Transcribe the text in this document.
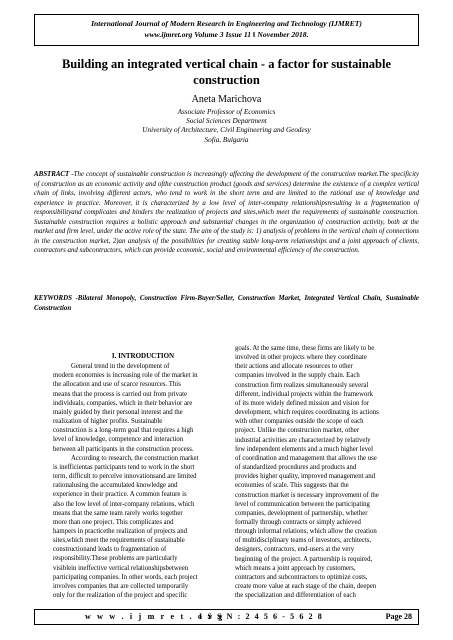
International Journal of Modern Research in Engineering and Technology (IJMRET)
www.ijmret.org Volume 3 Issue 11 ǁ November 2018.
Building an integrated vertical chain - a factor for sustainable
construction
Aneta Marichova
Associate Professor of Economics
Social Sciences Department
University of Architecture, Civil Engineering and Geodesy
Sofia, Bulgaria
ABSTRACT -The concept of sustainable construction is increasingly affecting the development of the construction market.The specificity of construction as an economic activity and ofthe construction product (goods and services) determine the existence of a complex vertical chain of links, involving different actors, who tend to work in the short term and are limited to the rational use of knowledge and experience in practice. Moreover, it is characterized by a low level of inter-company relationshipsresulting in a fragmentation of responsibilityand complicates and hinders the realization of projects and sites,which meet the requirements of sustainable construction. Sustainable construction requires a holistic approach and substantial changes in the organization of construction activity, both at the market and firm level, under the active role of the state. The aim of the study is: 1) analysis of problems in the vertical chain of connections in the construction market, 2)an analysis of the possibilities for creating stable long-term relationships and a joint approach of clients, contractors and subcontractors, which can provide economic, social and environmental efficiency of the construction.
KEYWORDS -Bilateral Monopoly, Construction Firm-Buyer/Seller, Construction Market, Integrated Vertical Chain, Sustainable Construction
I. INTRODUCTION

General trend in the development of

modern economies is increasing role of the market in

the allocation and use of scarce resources. This

means that the process is carried out from private

individuals, companies, which in their behavior are

mainly guided by their personal interest and the

realization of higher profits. Sustainable

construction is a long-term goal that requires a high

level of knowledge, competence and interaction

between all participants in the construction process.

According to research, the construction market

is inefficientas participants tend to work in the short

term, difficult to perceive innovationsand are limited

rationalusing the accumulated knowledge and

experience in their practice. A common feature is

also the low level of inter-company relations, which

means that the same team rarely works together

more than one project. This complicates and

hampers in practicethe realization of projects and

sites,which meet the requirements of sustainable

constructionand leads to fragmentation of

responsibility.These problems are particularly

visiblein ineffective vertical relationshipsbetween

participating companies. In other words, each project

involves companies that are collected temporarily

only for the realization of the project and specific

goals. At the same time, these firms are likely to be

involved in other projects where they coordinate

their actions and allocate resources to other

companies involved in the supply chain. Each

construction firm realizes simultaneously several

different, individual projects within the framework

of its more widely defined mission and vision for

development, which requires coordinating its actions

with other companies outside the scope of each

project. Unlike the construction market, other

industrial activities are characterized by relatively

few independent elements and a much higher level

of coordination and management that allows the use

of standardized procedures and products and

provides higher quality, improved management and

economies of scale. This suggests that the

construction market is necessary improvement of the

level of communication between the participating

companies, development of partnership, whether

formally through contracts or simply achieved

through informal relations, which allow the creation

of multidisciplinary teams of investors, architects,

designers, contractors, end-users at the very

beginning of the project. A partnership is required,

which means a joint approach by customers,

contractors and subcontractors to optimize costs,

create more value at each stage of the chain, deepen

the specialization and differentiation of each

w w w . i j m r e t . o r g
I S S N : 2 4 5 6 - 5 6 2 8	Page 28
